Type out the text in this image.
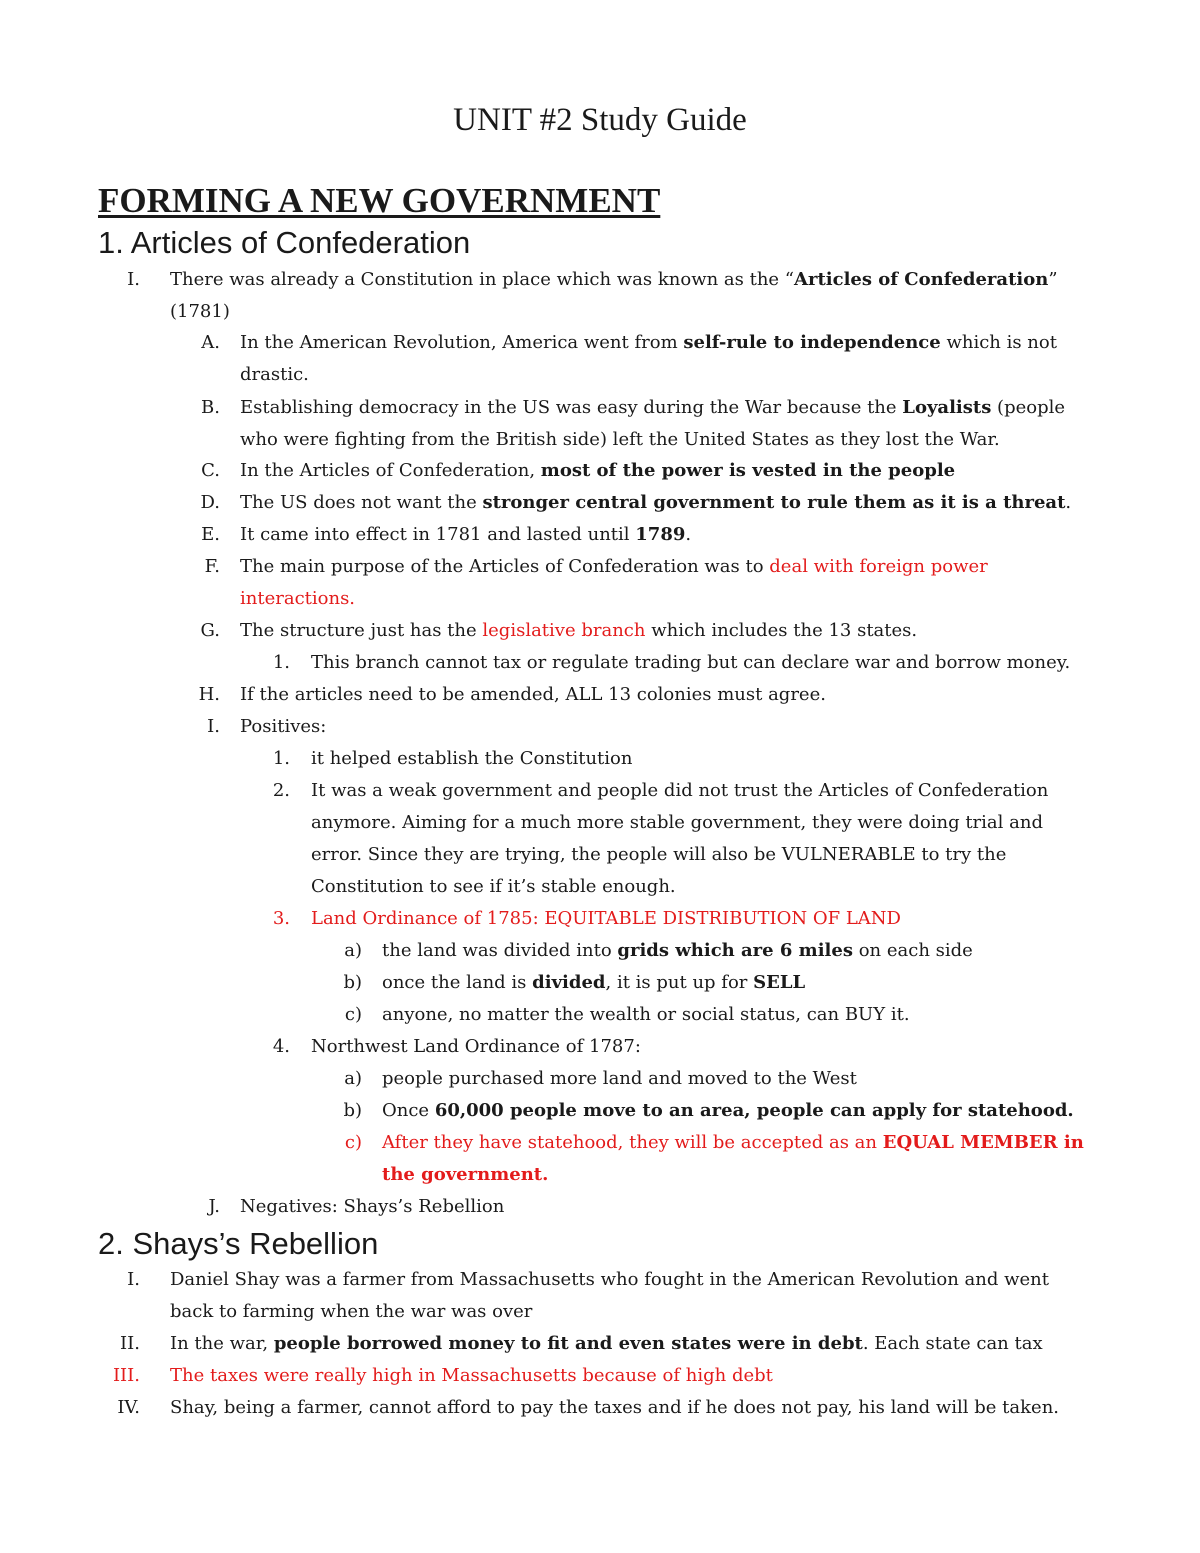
UNIT #2 Study Guide
FORMING A NEW GOVERNMENT
1. Articles of Confederation
I. There was already a Constitution in place which was known as the “Articles of Confederation”
(1781)
A. In the American Revolution, America went from self-rule to independence which is not
drastic.
B. Establishing democracy in the US was easy during the War because the Loyalists (people
who were fighting from the British side) left the United States as they lost the War.
C. In the Articles of Confederation, most of the power is vested in the people
D. The US does not want the stronger central government to rule them as it is a threat.
E. It came into effect in 1781 and lasted until 1789.
F. The main purpose of the Articles of Confederation was to deal with foreign power
interactions.
G. The structure just has the legislative branch which includes the 13 states.
1. This branch cannot tax or regulate trading but can declare war and borrow money.
H. If the articles need to be amended, ALL 13 colonies must agree.
I. Positives:
1. it helped establish the Constitution
2. It was a weak government and people did not trust the Articles of Confederation
anymore. Aiming for a much more stable government, they were doing trial and
error. Since they are trying, the people will also be VULNERABLE to try the
Constitution to see if it’s stable enough.
3. Land Ordinance of 1785: EQUITABLE DISTRIBUTION OF LAND
a) the land was divided into grids which are 6 miles on each side
b) once the land is divided, it is put up for SELL
c) anyone, no matter the wealth or social status, can BUY it.
4. Northwest Land Ordinance of 1787:
a) people purchased more land and moved to the West
b) Once 60,000 people move to an area, people can apply for statehood.
c) After they have statehood, they will be accepted as an EQUAL MEMBER in
the government.
J. Negatives: Shays’s Rebellion
2. Shays’s Rebellion
I. Daniel Shay was a farmer from Massachusetts who fought in the American Revolution and went
back to farming when the war was over
II. In the war, people borrowed money to fit and even states were in debt. Each state can tax
III. The taxes were really high in Massachusetts because of high debt
IV. Shay, being a farmer, cannot afford to pay the taxes and if he does not pay, his land will be taken.
